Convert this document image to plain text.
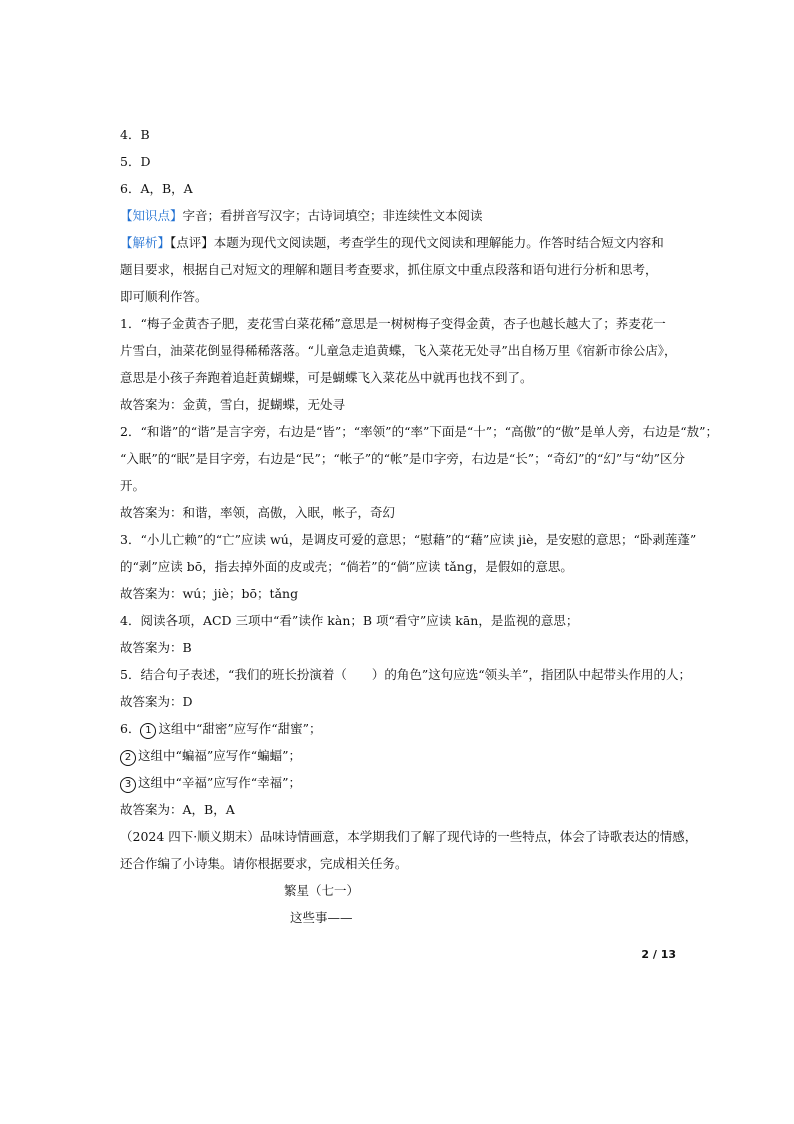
4．B
5．D
6．A，B，A
【知识点】字音；看拼音写汉字；古诗词填空；非连续性文本阅读
【解析】【点评】本题为现代文阅读题，考查学生的现代文阅读和理解能力。作答时结合短文内容和
题目要求，根据自己对短文的理解和题目考查要求，抓住原文中重点段落和语句进行分析和思考，
即可顺利作答。
1．“梅子金黄杏子肥，麦花雪白菜花稀”意思是一树树梅子变得金黄，杏子也越长越大了；荞麦花一
片雪白，油菜花倒显得稀稀落落。“儿童急走追黄蝶，飞入菜花无处寻”出自杨万里《宿新市徐公店》，
意思是小孩子奔跑着追赶黄蝴蝶，可是蝴蝶飞入菜花丛中就再也找不到了。
故答案为：金黄，雪白，捉蝴蝶，无处寻
2．“和谐”的“谐”是言字旁，右边是“皆”；“率领”的“率”下面是“十”；“高傲”的“傲”是单人旁，右边是“敖”；
“入眠”的“眠”是目字旁，右边是“民”；“帐子”的“帐”是巾字旁，右边是“长”；“奇幻”的“幻”与“幼”区分
开。
故答案为：和谐，率领，高傲，入眠，帐子，奇幻
3．“小儿亡赖”的“亡”应读 wú，是调皮可爱的意思；“慰藉”的“藉”应读 jiè，是安慰的意思；“卧剥莲蓬”
的“剥”应读 bō，指去掉外面的皮或壳；“倘若”的“倘”应读 tǎng，是假如的意思。
故答案为：wú；jiè；bō；tǎng
4．阅读各项，ACD 三项中“看”读作 kàn；B 项“看守”应读 kān，是监视的意思；
故答案为：B
5．结合句子表述，“我们的班长扮演着（　　）的角色”这句应选“领头羊”，指团队中起带头作用的人；
故答案为：D
6． 1 这组中“甜密”应写作“甜蜜”；
2 这组中“蝙福”应写作“蝙蝠”；
3 这组中“辛福”应写作“幸福”；
故答案为：A，B，A
（2024 四下·顺义期末）品味诗情画意，本学期我们了解了现代诗的一些特点，体会了诗歌表达的情感，
还合作编了小诗集。请你根据要求，完成相关任务。
繁星（七一）
这些事——
2 / 13
